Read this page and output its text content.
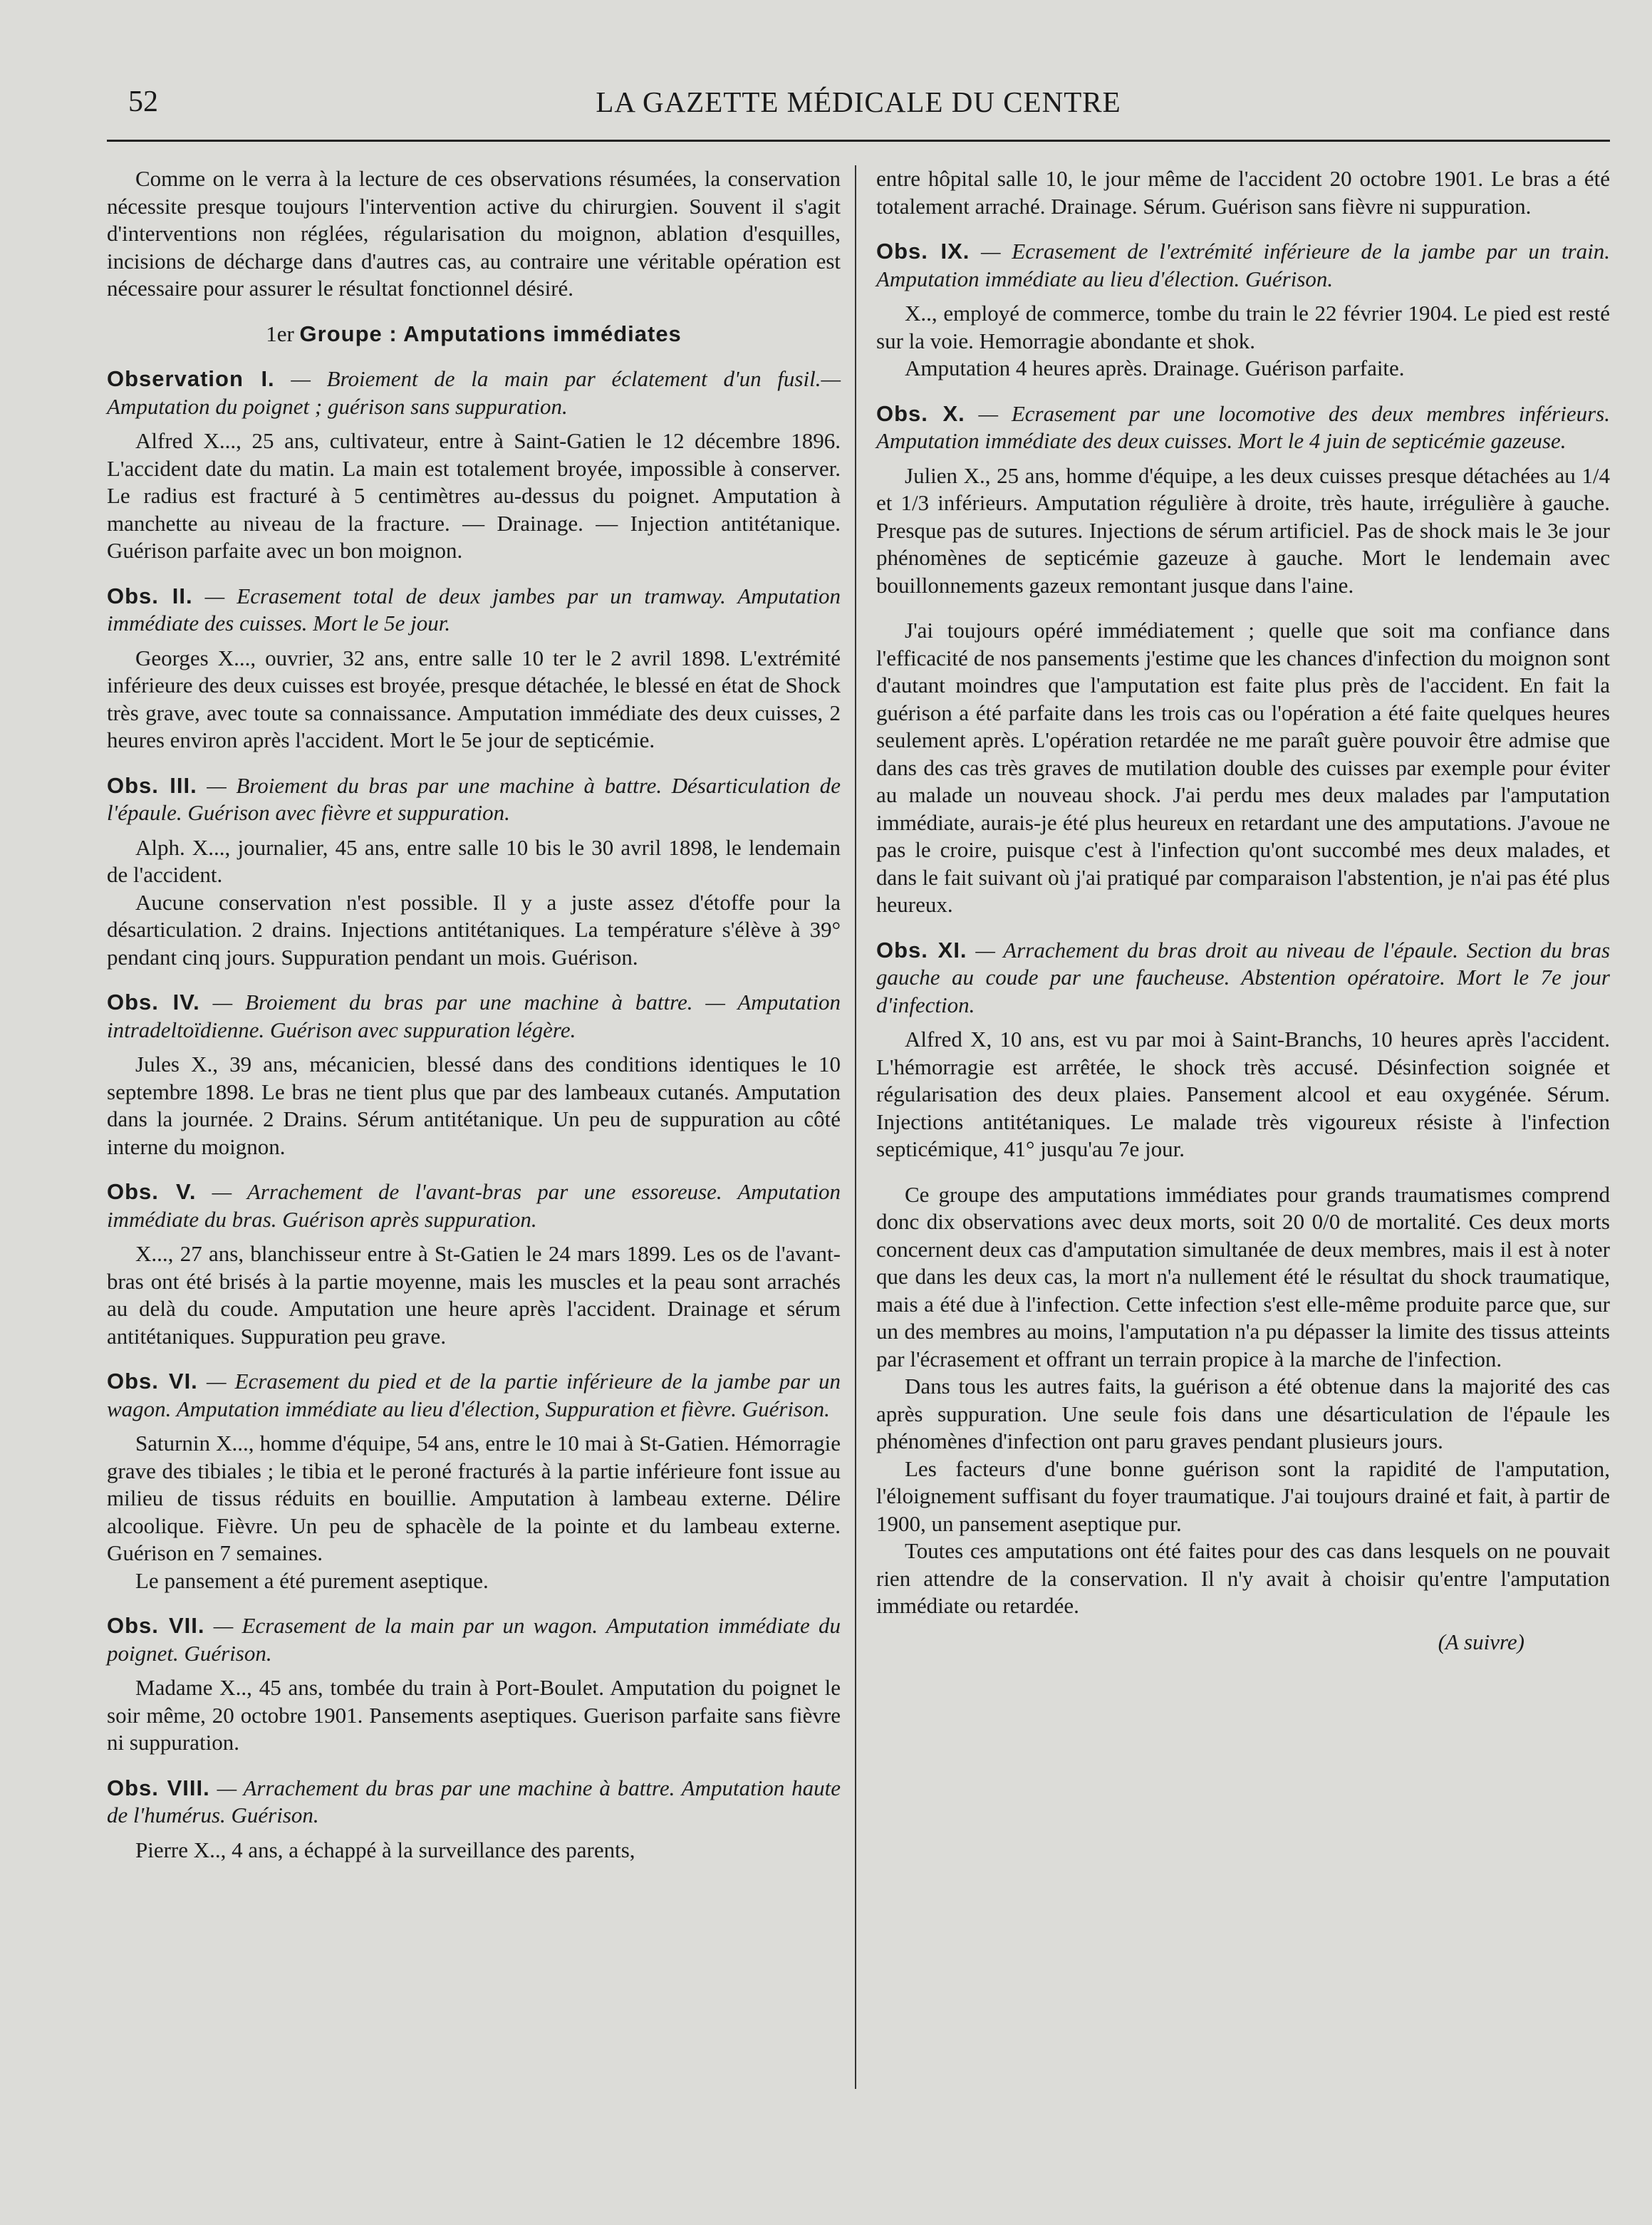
52	LA GAZETTE MÉDICALE DU CENTRE

Comme on le verra à la lecture de ces observations résumées, la conservation nécessite presque toujours l'intervention active du chirurgien. Souvent il s'agit d'interventions non réglées, régularisation du moignon, ablation d'esquilles, incisions de décharge dans d'autres cas, au contraire une véritable opération est nécessaire pour assurer le résultat fonctionnel désiré.

1er Groupe : Amputations immédiates

Observation I. — Broiement de la main par éclatement d'un fusil.— Amputation du poignet ; guérison sans suppuration.

Alfred X..., 25 ans, cultivateur, entre à Saint-Gatien le 12 décembre 1896. L'accident date du matin. La main est totalement broyée, impossible à conserver. Le radius est fracturé à 5 centimètres au-dessus du poignet. Amputation à manchette au niveau de la fracture. — Drainage. — Injection antitétanique. Guérison parfaite avec un bon moignon.

Obs. II. — Ecrasement total de deux jambes par un tramway. Amputation immédiate des cuisses. Mort le 5e jour.

Georges X..., ouvrier, 32 ans, entre salle 10 ter le 2 avril 1898. L'extrémité inférieure des deux cuisses est broyée, presque détachée, le blessé en état de Shock très grave, avec toute sa connaissance. Amputation immédiate des deux cuisses, 2 heures environ après l'accident. Mort le 5e jour de septicémie.

Obs. III. — Broiement du bras par une machine à battre. Désarticulation de l'épaule. Guérison avec fièvre et suppuration.

Alph. X..., journalier, 45 ans, entre salle 10 bis le 30 avril 1898, le lendemain de l'accident.

Aucune conservation n'est possible. Il y a juste assez d'étoffe pour la désarticulation. 2 drains. Injections antitétaniques. La température s'élève à 39° pendant cinq jours. Suppuration pendant un mois. Guérison.

Obs. IV. — Broiement du bras par une machine à battre. — Amputation intradeltoïdienne. Guérison avec suppuration légère.

Jules X., 39 ans, mécanicien, blessé dans des conditions identiques le 10 septembre 1898. Le bras ne tient plus que par des lambeaux cutanés. Amputation dans la journée. 2 Drains. Sérum antitétanique. Un peu de suppuration au côté interne du moignon.

Obs. V. — Arrachement de l'avant-bras par une essoreuse. Amputation immédiate du bras. Guérison après suppuration.

X..., 27 ans, blanchisseur entre à St-Gatien le 24 mars 1899. Les os de l'avant-bras ont été brisés à la partie moyenne, mais les muscles et la peau sont arrachés au delà du coude. Amputation une heure après l'accident. Drainage et sérum antitétaniques. Suppuration peu grave.

Obs. VI. — Ecrasement du pied et de la partie inférieure de la jambe par un wagon. Amputation immédiate au lieu d'élection, Suppuration et fièvre. Guérison.

Saturnin X..., homme d'équipe, 54 ans, entre le 10 mai à St-Gatien. Hémorragie grave des tibiales ; le tibia et le peroné fracturés à la partie inférieure font issue au milieu de tissus réduits en bouillie. Amputation à lambeau externe. Délire alcoolique. Fièvre. Un peu de sphacèle de la pointe et du lambeau externe. Guérison en 7 semaines.

Le pansement a été purement aseptique.

Obs. VII. — Ecrasement de la main par un wagon. Amputation immédiate du poignet. Guérison.

Madame X.., 45 ans, tombée du train à Port-Boulet. Amputation du poignet le soir même, 20 octobre 1901. Pansements aseptiques. Guerison parfaite sans fièvre ni suppuration.

Obs. VIII. — Arrachement du bras par une machine à battre. Amputation haute de l'humérus. Guérison.

Pierre X.., 4 ans, a échappé à la surveillance des parents,

entre hôpital salle 10, le jour même de l'accident 20 octobre 1901. Le bras a été totalement arraché. Drainage. Sérum. Guérison sans fièvre ni suppuration.

Obs. IX. — Ecrasement de l'extrémité inférieure de la jambe par un train. Amputation immédiate au lieu d'élection. Guérison.

X.., employé de commerce, tombe du train le 22 février 1904. Le pied est resté sur la voie. Hemorragie abondante et shok.

Amputation 4 heures après. Drainage. Guérison parfaite.

Obs. X. — Ecrasement par une locomotive des deux membres inférieurs. Amputation immédiate des deux cuisses. Mort le 4 juin de septicémie gazeuse.

Julien X., 25 ans, homme d'équipe, a les deux cuisses presque détachées au 1/4 et 1/3 inférieurs. Amputation régulière à droite, très haute, irrégulière à gauche. Presque pas de sutures. Injections de sérum artificiel. Pas de shock mais le 3e jour phénomènes de septicémie gazeuze à gauche. Mort le lendemain avec bouillonnements gazeux remontant jusque dans l'aine.

J'ai toujours opéré immédiatement ; quelle que soit ma confiance dans l'efficacité de nos pansements j'estime que les chances d'infection du moignon sont d'autant moindres que l'amputation est faite plus près de l'accident. En fait la guérison a été parfaite dans les trois cas ou l'opération a été faite quelques heures seulement après. L'opération retardée ne me paraît guère pouvoir être admise que dans des cas très graves de mutilation double des cuisses par exemple pour éviter au malade un nouveau shock. J'ai perdu mes deux malades par l'amputation immédiate, aurais-je été plus heureux en retardant une des amputations. J'avoue ne pas le croire, puisque c'est à l'infection qu'ont succombé mes deux malades, et dans le fait suivant où j'ai pratiqué par comparaison l'abstention, je n'ai pas été plus heureux.

Obs. XI. — Arrachement du bras droit au niveau de l'épaule. Section du bras gauche au coude par une faucheuse. Abstention opératoire. Mort le 7e jour d'infection.

Alfred X, 10 ans, est vu par moi à Saint-Branchs, 10 heures après l'accident. L'hémorragie est arrêtée, le shock très accusé. Désinfection soignée et régularisation des deux plaies. Pansement alcool et eau oxygénée. Sérum. Injections antitétaniques. Le malade très vigoureux résiste à l'infection septicémique, 41° jusqu'au 7e jour.

Ce groupe des amputations immédiates pour grands traumatismes comprend donc dix observations avec deux morts, soit 20 0/0 de mortalité. Ces deux morts concernent deux cas d'amputation simultanée de deux membres, mais il est à noter que dans les deux cas, la mort n'a nullement été le résultat du shock traumatique, mais a été due à l'infection. Cette infection s'est elle-même produite parce que, sur un des membres au moins, l'amputation n'a pu dépasser la limite des tissus atteints par l'écrasement et offrant un terrain propice à la marche de l'infection.

Dans tous les autres faits, la guérison a été obtenue dans la majorité des cas après suppuration. Une seule fois dans une désarticulation de l'épaule les phénomènes d'infection ont paru graves pendant plusieurs jours.

Les facteurs d'une bonne guérison sont la rapidité de l'amputation, l'éloignement suffisant du foyer traumatique. J'ai toujours drainé et fait, à partir de 1900, un pansement aseptique pur.

Toutes ces amputations ont été faites pour des cas dans lesquels on ne pouvait rien attendre de la conservation. Il n'y avait à choisir qu'entre l'amputation immédiate ou retardée.

(A suivre)
